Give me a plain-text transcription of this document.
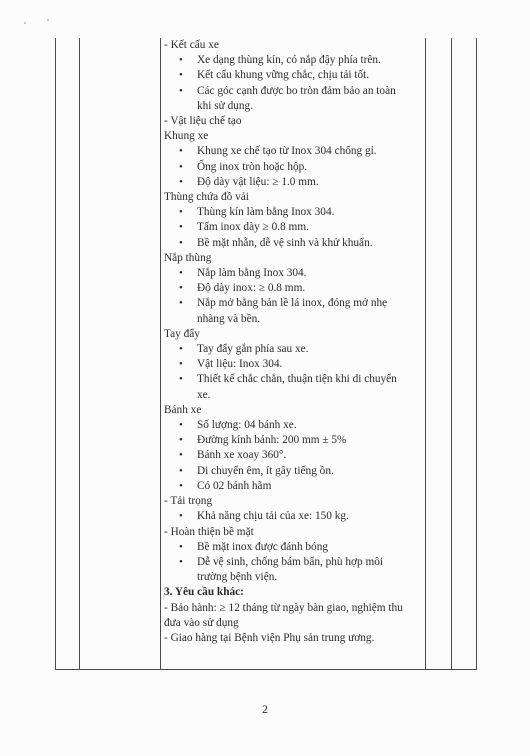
- Kết cấu xe
• Xe dạng thùng kín, có nắp đậy phía trên.
• Kết cấu khung vững chắc, chịu tải tốt.
• Các góc cạnh được bo tròn đảm bảo an toàn
khi sử dụng.
- Vật liệu chế tạo
Khung xe
• Khung xe chế tạo từ Inox 304 chống gỉ.
• Ống inox tròn hoặc hộp.
• Độ dày vật liệu: ≥ 1.0 mm.
Thùng chứa đồ vải
• Thùng kín làm bằng Inox 304.
• Tấm inox dày ≥ 0.8 mm.
• Bề mặt nhẵn, dễ vệ sinh và khử khuẩn.
Nắp thùng
• Nắp làm bằng Inox 304.
• Độ dày inox: ≥ 0.8 mm.
• Nắp mở bằng bản lề lá inox, đóng mở nhẹ
nhàng và bền.
Tay đẩy
• Tay đẩy gắn phía sau xe.
• Vật liệu: Inox 304.
• Thiết kế chắc chắn, thuận tiện khi di chuyển
xe.
Bánh xe
• Số lượng: 04 bánh xe.
• Đường kính bánh: 200 mm ± 5%
• Bánh xe xoay 360°.
• Di chuyển êm, ít gây tiếng ồn.
• Có 02 bánh hãm
- Tải trọng
• Khả năng chịu tải của xe: 150 kg.
- Hoàn thiện bề mặt
• Bề mặt inox được đánh bóng
• Dễ vệ sinh, chống bám bẩn, phù hợp môi
trường bệnh viện.
3. Yêu cầu khác:
- Bảo hành: ≥ 12 tháng từ ngày bàn giao, nghiệm thu
đưa vào sử dụng
- Giao hàng tại Bệnh viện Phụ sản trung ương.
2
